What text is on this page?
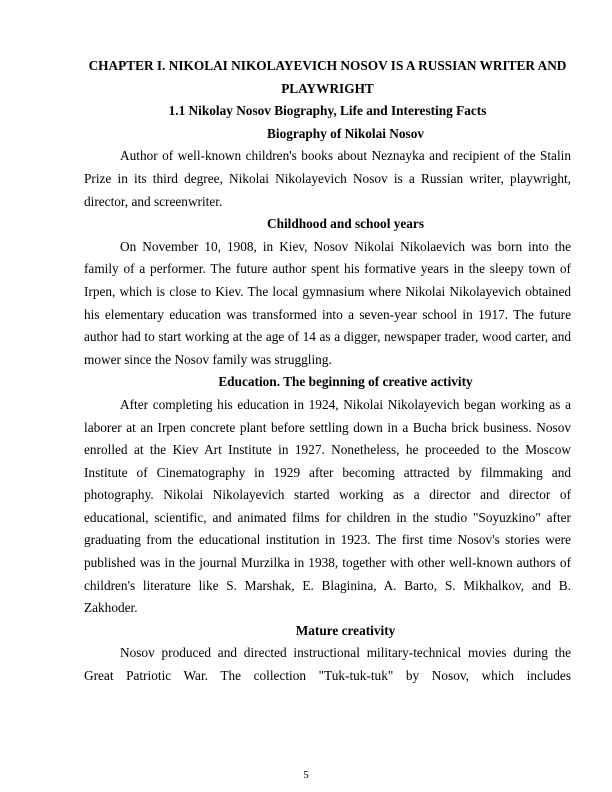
CHAPTER I. NIKOLAI NIKOLAYEVICH NOSOV IS A RUSSIAN WRITER AND PLAYWRIGHT
1.1 Nikolay Nosov Biography, Life and Interesting Facts
Biography of Nikolai Nosov

Author of well-known children's books about Neznayka and recipient of the Stalin Prize in its third degree, Nikolai Nikolayevich Nosov is a Russian writer, playwright, director, and screenwriter.

Childhood and school years

On November 10, 1908, in Kiev, Nosov Nikolai Nikolaevich was born into the family of a performer. The future author spent his formative years in the sleepy town of Irpen, which is close to Kiev. The local gymnasium where Nikolai Nikolayevich obtained his elementary education was transformed into a seven-year school in 1917. The future author had to start working at the age of 14 as a digger, newspaper trader, wood carter, and mower since the Nosov family was struggling.

Education. The beginning of creative activity

After completing his education in 1924, Nikolai Nikolayevich began working as a laborer at an Irpen concrete plant before settling down in a Bucha brick business. Nosov enrolled at the Kiev Art Institute in 1927. Nonetheless, he proceeded to the Moscow Institute of Cinematography in 1929 after becoming attracted by filmmaking and photography. Nikolai Nikolayevich started working as a director and director of educational, scientific, and animated films for children in the studio "Soyuzkino" after graduating from the educational institution in 1923. The first time Nosov's stories were published was in the journal Murzilka in 1938, together with other well-known authors of children's literature like S. Marshak, E. Blaginina, A. Barto, S. Mikhalkov, and B. Zakhoder.

Mature creativity

Nosov produced and directed instructional military-technical movies during the Great Patriotic War. The collection "Tuk-tuk-tuk" by Nosov, which includes

5
